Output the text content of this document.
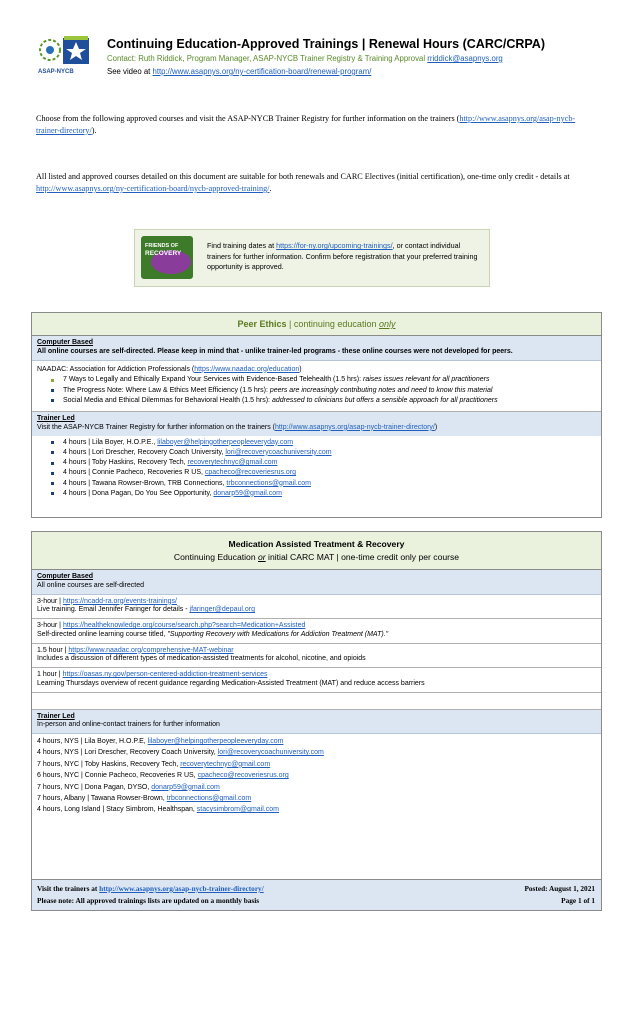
ASAP-NYCB
Continuing Education-Approved Trainings | Renewal Hours (CARC/CRPA)
Contact: Ruth Riddick, Program Manager, ASAP-NYCB Trainer Registry & Training Approval rriddick@asapnys.org
See video at http://www.asapnys.org/ny-certification-board/renewal-program/
Choose from the following approved courses and visit the ASAP-NYCB Trainer Registry for further information on the trainers (http://www.asapnys.org/asap-nycb-trainer-directory/).
All listed and approved courses detailed on this document are suitable for both renewals and CARC Electives (initial certification), one-time only credit - details at http://www.asapnys.org/ny-certification-board/nycb-approved-training/.
FRIENDS OF
RECOVERY
Find training dates at https://for-ny.org/upcoming-trainings/, or contact individual trainers for further information. Confirm before registration that your preferred training opportunity is approved.
Peer Ethics | continuing education only
Computer Based
All online courses are self-directed. Please keep in mind that - unlike trainer-led programs - these online courses were not developed for peers.
NAADAC: Association for Addiction Professionals (https://www.naadac.org/education)
7 Ways to Legally and Ethically Expand Your Services with Evidence-Based Telehealth (1.5 hrs): raises issues relevant for all practitioners
The Progress Note: Where Law & Ethics Meet Efficiency (1.5 hrs): peers are increasingly contributing notes and need to know this material
Social Media and Ethical Dilemmas for Behavioral Health (1.5 hrs): addressed to clinicians but offers a sensible approach for all practitioners
Trainer Led
Visit the ASAP-NYCB Trainer Registry for further information on the trainers (http://www.asapnys.org/asap-nycb-trainer-directory/)
4 hours | Lila Boyer, H.O.P.E., lilaboyer@helpingotherpeopleeveryday.com
4 hours | Lori Drescher, Recovery Coach University, lori@recoverycoachuniversity.com
4 hours | Toby Haskins, Recovery Tech, recoverytechnyc@gmail.com
4 hours | Connie Pacheco, Recoveries R US, cpacheco@recoveriesrus.org
4 hours | Tawana Rowser-Brown, TRB Connections, trbconnections@gmail.com
4 hours | Dona Pagan, Do You See Opportunity, donarp59@gmail.com
Medication Assisted Treatment & Recovery
Continuing Education or initial CARC MAT | one-time credit only per course
Computer Based
All online courses are self-directed
3-hour | https://ncadd-ra.org/events-trainings/
Live training. Email Jennifer Faringer for details - jfaringer@depaul.org
3-hour | https://healtheknowledge.org/course/search.php?search=Medication+Assisted
Self-directed online learning course titled, "Supporting Recovery with Medications for Addiction Treatment (MAT)."
1.5 hour | https://www.naadac.org/comprehensive-MAT-webinar
Includes a discussion of different types of medication-assisted treatments for alcohol, nicotine, and opioids
1 hour | https://oasas.ny.gov/person-centered-addiction-treatment-services
Learning Thursdays overview of recent guidance regarding Medication-Assisted Treatment (MAT) and reduce access barriers
Trainer Led
In-person and online-contact trainers for further information
4 hours, NYS | Lila Boyer, H.O.P.E, lilaboyer@helpingotherpeopleeveryday.com
4 hours, NYS | Lori Drescher, Recovery Coach University, lori@recoverycoachuniversity.com
7 hours, NYC | Toby Haskins, Recovery Tech, recoverytechnyc@gmail.com
6 hours, NYC | Connie Pacheco, Recoveries R US, cpacheco@recoveriesrus.org
7 hours, NYC | Dona Pagan, DYSO, donarp59@gmail.com
7 hours, Albany | Tawana Rowser-Brown, trbconnections@gmail.com
4 hours, Long Island | Stacy Simbrom, Healthspan, stacysimbrom@gmail.com
Visit the trainers at http://www.asapnys.org/asap-nycb-trainer-directory/	Posted: August 1, 2021
Please note: All approved trainings lists are updated on a monthly basis	Page 1 of 1
